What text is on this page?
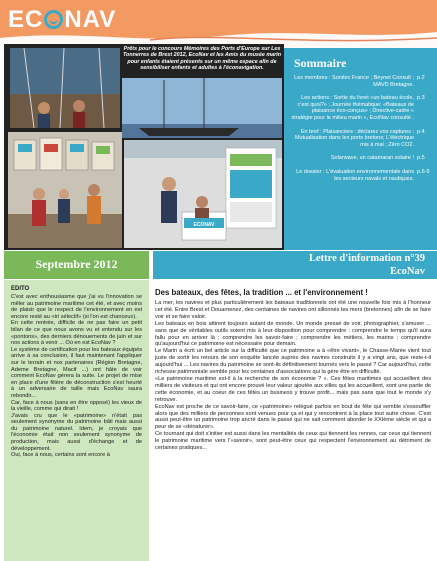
EC NAV
ECONAV
Prêts pour le concours Mémoires des Ports d'Europe sur Les Tonnerres de Brest 2012, EcoNav et les Amis du musée marin pour enfants étaient présents sur un même espace afin de sensibiliser enfants et adultes à l'éconavigation.	Sommaire
Les membres : Sonitec France ; Beynet Consult ; MAVD Bretagne.
p.2
Les actions : Sortie du livret «un bateau école, c'est quoi?» ; Journée thématique: «Bateaux de plaisance éco-conçus» ; Directive-cadre « stratégie pour le milieu marin », EcoNav consulté .
p.3
En bref : Plaisanciers : déclarez vos captures ; Mutualisation dans les ports bretons; L'électrique mis à mal ; Zéro CO2.
p.4
Solarwave, un catamaran solaire ! p.5
Le dossier : L'évaluation environnementale dans les secteurs navals et nautiques.
p.6-9
Septembre 2012	Lettre d'information n°39
EcoNav
EDITO

C'est avec enthousiasme que j'ai vu l'innovation se mêler au patrimoine maritime cet été, et avec moins de plaisir que le respect de l'environnement en est encore resté au «tri sélectif» (si l'on est chanceux).

En cette rentrée, difficile de ne pas faire un petit bilan de ce que nous avons vu et entendu sur les «pontons», des derniers dénouements de juin et sur nos actions à venir ... Où en est EcoNav ?

Le système de certification pour les bateaux équipés arrive à sa conclusion, il faut maintenant l'appliquer sur le terrain et nos partenaires (Région Bretagne, Ademe Bretagne, Macif ...) ont hâte de voir comment EcoNav gérera la suite. Le projet de mise en place d'une filière de déconstruction s'est heurté à un adversaire de taille mais EcoNav saura rebondir...

Car, face à nous (sans en être opposé) les vieux de la vieille, comme qui dirait !

J'avais cru que le «patrimoine» n'était pas seulement synonyme du patrimoine bâti mais aussi du patrimoine naturel. Idem, je croyais que l'économie était non seulement synonyme de production, mais aussi d'échange et de développement.

Oui, face à nous, certains sont encore à

Des bateaux, des fêtes, la tradition ... et l'environnement !

La mer, les navires et plus particulièrement les bateaux traditionnels ont été une nouvelle fois mis à l'honneur cet été. Entre Brest et Douarnenez, des centaines de navires ont sillonnés les mers (bretonnes) afin de se faire voir et se faire valoir.

Les bateaux en bois attirent toujours autant de monde. Un monde pressé de voir, photographier, s'amuser ... sans que de véritables outils soient mis à leur disposition pour comprendre : comprendre le temps qu'il aura fallu pour en arriver là ; comprendre les savoir-faire ; comprendre les métiers, les marins ; comprendre qu'aujourd'hui ce patrimoine est nécessaire pour demain.

Le Marin a écrit un bel article sur la difficulté que ce patrimoine a à «être vivant», le Chasse-Marée vient tout juste de sortir les retours de son enquête lancée auprès des navires construits il y a vingt ans, que reste-t-il aujourd'hui ... Les navires du patrimoine se sont-ils définitivement tournés vers le passé ? Car aujourd'hui, cette richesse patrimoniale semble pour les centaines d'associations qui la gère être en difficulté.

«Le patrimoine maritime est-il à la recherche de son économie ? ». Ces fêtes maritimes qui accueillent des milliers de visiteurs et qui ont encore prouvé leur valeur ajoutée aux villes qui les accueillent, sont une partie de cette économie, et au coeur de ces fêtes un business y trouve profit... mais pas sans que tout le monde s'y retrouve.

EcoNav est proche de ce savoir-faire, ce «patrimoine» relégué parfois en bout de fête qui semble s'essouffler alors que des milliers de personnes sont venues pour ça et qui y rencontrent à la place tout autre chose. C'est aussi peut-être un patrimoine trop ancré dans le passé qui ne sait comment aborder le XXIème siècle et qui a peur de se «dénaturer».

Ce tournant qui doit s'initier est aussi dans les mentalités de ceux qui tiennent les rennes, car ceux qui tiennent le patrimoine maritime vers l'«avenir», sont peut-être ceux qui respectent l'environnement au détriment de certaines pratiques...
